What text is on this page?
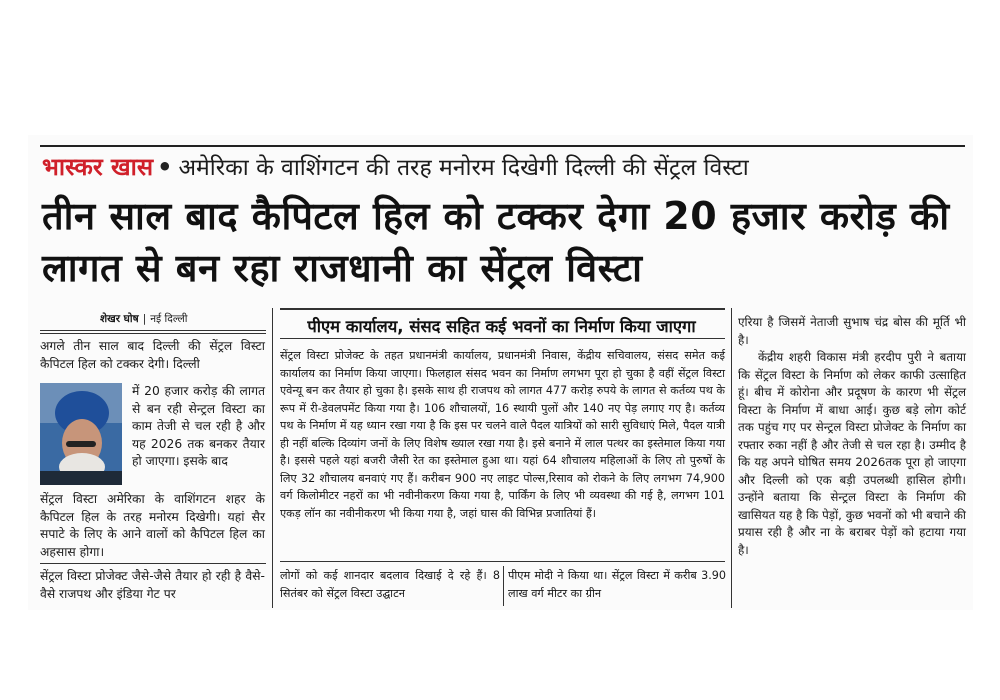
भास्कर खास • अमेरिका के वाशिंगटन की तरह मनोरम दिखेगी दिल्ली की सेंट्रल विस्टा
तीन साल बाद कैपिटल हिल को टक्कर देगा 20 हजार करोड़ की लागत से बन रहा राजधानी का सेंट्रल विस्टा
शेखर घोष | नई दिल्ली

अगले तीन साल बाद दिल्ली की सेंट्रल विस्टा कैपिटल हिल को टक्कर देगी। दिल्ली

में 20 हजार करोड़ की लागत से बन रही सेन्ट्रल विस्टा का काम तेजी से चल रही है और यह 2026 तक बनकर तैयार हो जाएगा। इसके बाद
सेंट्रल विस्टा अमेरिका के वाशिंगटन शहर के कैपिटल हिल के तरह मनोरम दिखेगी। यहां सैर सपाटे के लिए के आने वालों को कैपिटल हिल का अहसास होगा।
सेंट्रल विस्टा प्रोजेक्ट जैसे-जैसे तैयार हो रही है वैसे-वैसे राजपथ और इंडिया गेट पर
पीएम कार्यालय, संसद सहित कई भवनों का निर्माण किया जाएगा
सेंट्रल विस्टा प्रोजेक्ट के तहत प्रधानमंत्री कार्यालय, प्रधानमंत्री निवास, केंद्रीय सचिवालय, संसद समेत कई कार्यालय का निर्माण किया जाएगा। फिलहाल संसद भवन का निर्माण लगभग पूरा हो चुका है वहीं सेंट्रल विस्टा एवेन्यू बन कर तैयार हो चुका है। इसके साथ ही राजपथ को लागत 477 करोड़ रुपये के लागत से कर्तव्य पथ के रूप में री-डेवलपमेंट किया गया है। 106 शौचालयों, 16 स्थायी पुलों और 140 नए पेड़ लगाए गए है। कर्तव्य पथ के निर्माण में यह ध्यान रखा गया है कि इस पर चलने वाले पैदल यात्रियों को सारी सुविधाएं मिले, पैदल यात्री ही नहीं बल्कि दिव्यांग जनों के लिए विशेष ख्याल रखा गया है। इसे बनाने में लाल पत्थर का इस्तेमाल किया गया है। इससे पहले यहां बजरी जैसी रेत का इस्तेमाल हुआ था। यहां 64 शौचालय महिलाओं के लिए तो पुरुषों के लिए 32 शौचालय बनवाएं गए हैं। करीबन 900 नए लाइट पोल्स,रिसाव को रोकने के लिए लगभग 74,900 वर्ग किलोमीटर नहरों का भी नवीनीकरण किया गया है, पार्किंग के लिए भी व्यवस्था की गई है, लगभग 101 एकड़ लॉन का नवीनीकरण भी किया गया है, जहां घास की विभिन्न प्रजातियां हैं।
लोगों को कई शानदार बदलाव दिखाई दे रहे हैं। 8 सितंबर को सेंट्रल विस्टा उद्घाटन
पीएम मोदी ने किया था। सेंट्रल विस्टा में करीब 3.90 लाख वर्ग मीटर का ग्रीन
एरिया है जिसमें नेताजी सुभाष चंद्र बोस की मूर्ति भी है।
केंद्रीय शहरी विकास मंत्री हरदीप पुरी ने बताया कि सेंट्रल विस्टा के निर्माण को लेकर काफी उत्साहित हूं। बीच में कोरोना और प्रदूषण के कारण भी सेंट्रल विस्टा के निर्माण में बाधा आई। कुछ बड़े लोग कोर्ट तक पहुंच गए पर सेन्ट्रल विस्टा प्रोजेक्ट के निर्माण का रफ्तार रुका नहीं है और तेजी से चल रहा है। उम्मीद है कि यह अपने घोषित समय 2026तक पूरा हो जाएगा और दिल्ली को एक बड़ी उपलब्धी हासिल होगी। उन्होंने बताया कि सेन्ट्रल विस्टा के निर्माण की खासियत यह है कि पेड़ों, कुछ भवनों को भी बचाने की प्रयास रही है और ना के बराबर पेड़ों को हटाया गया है।
